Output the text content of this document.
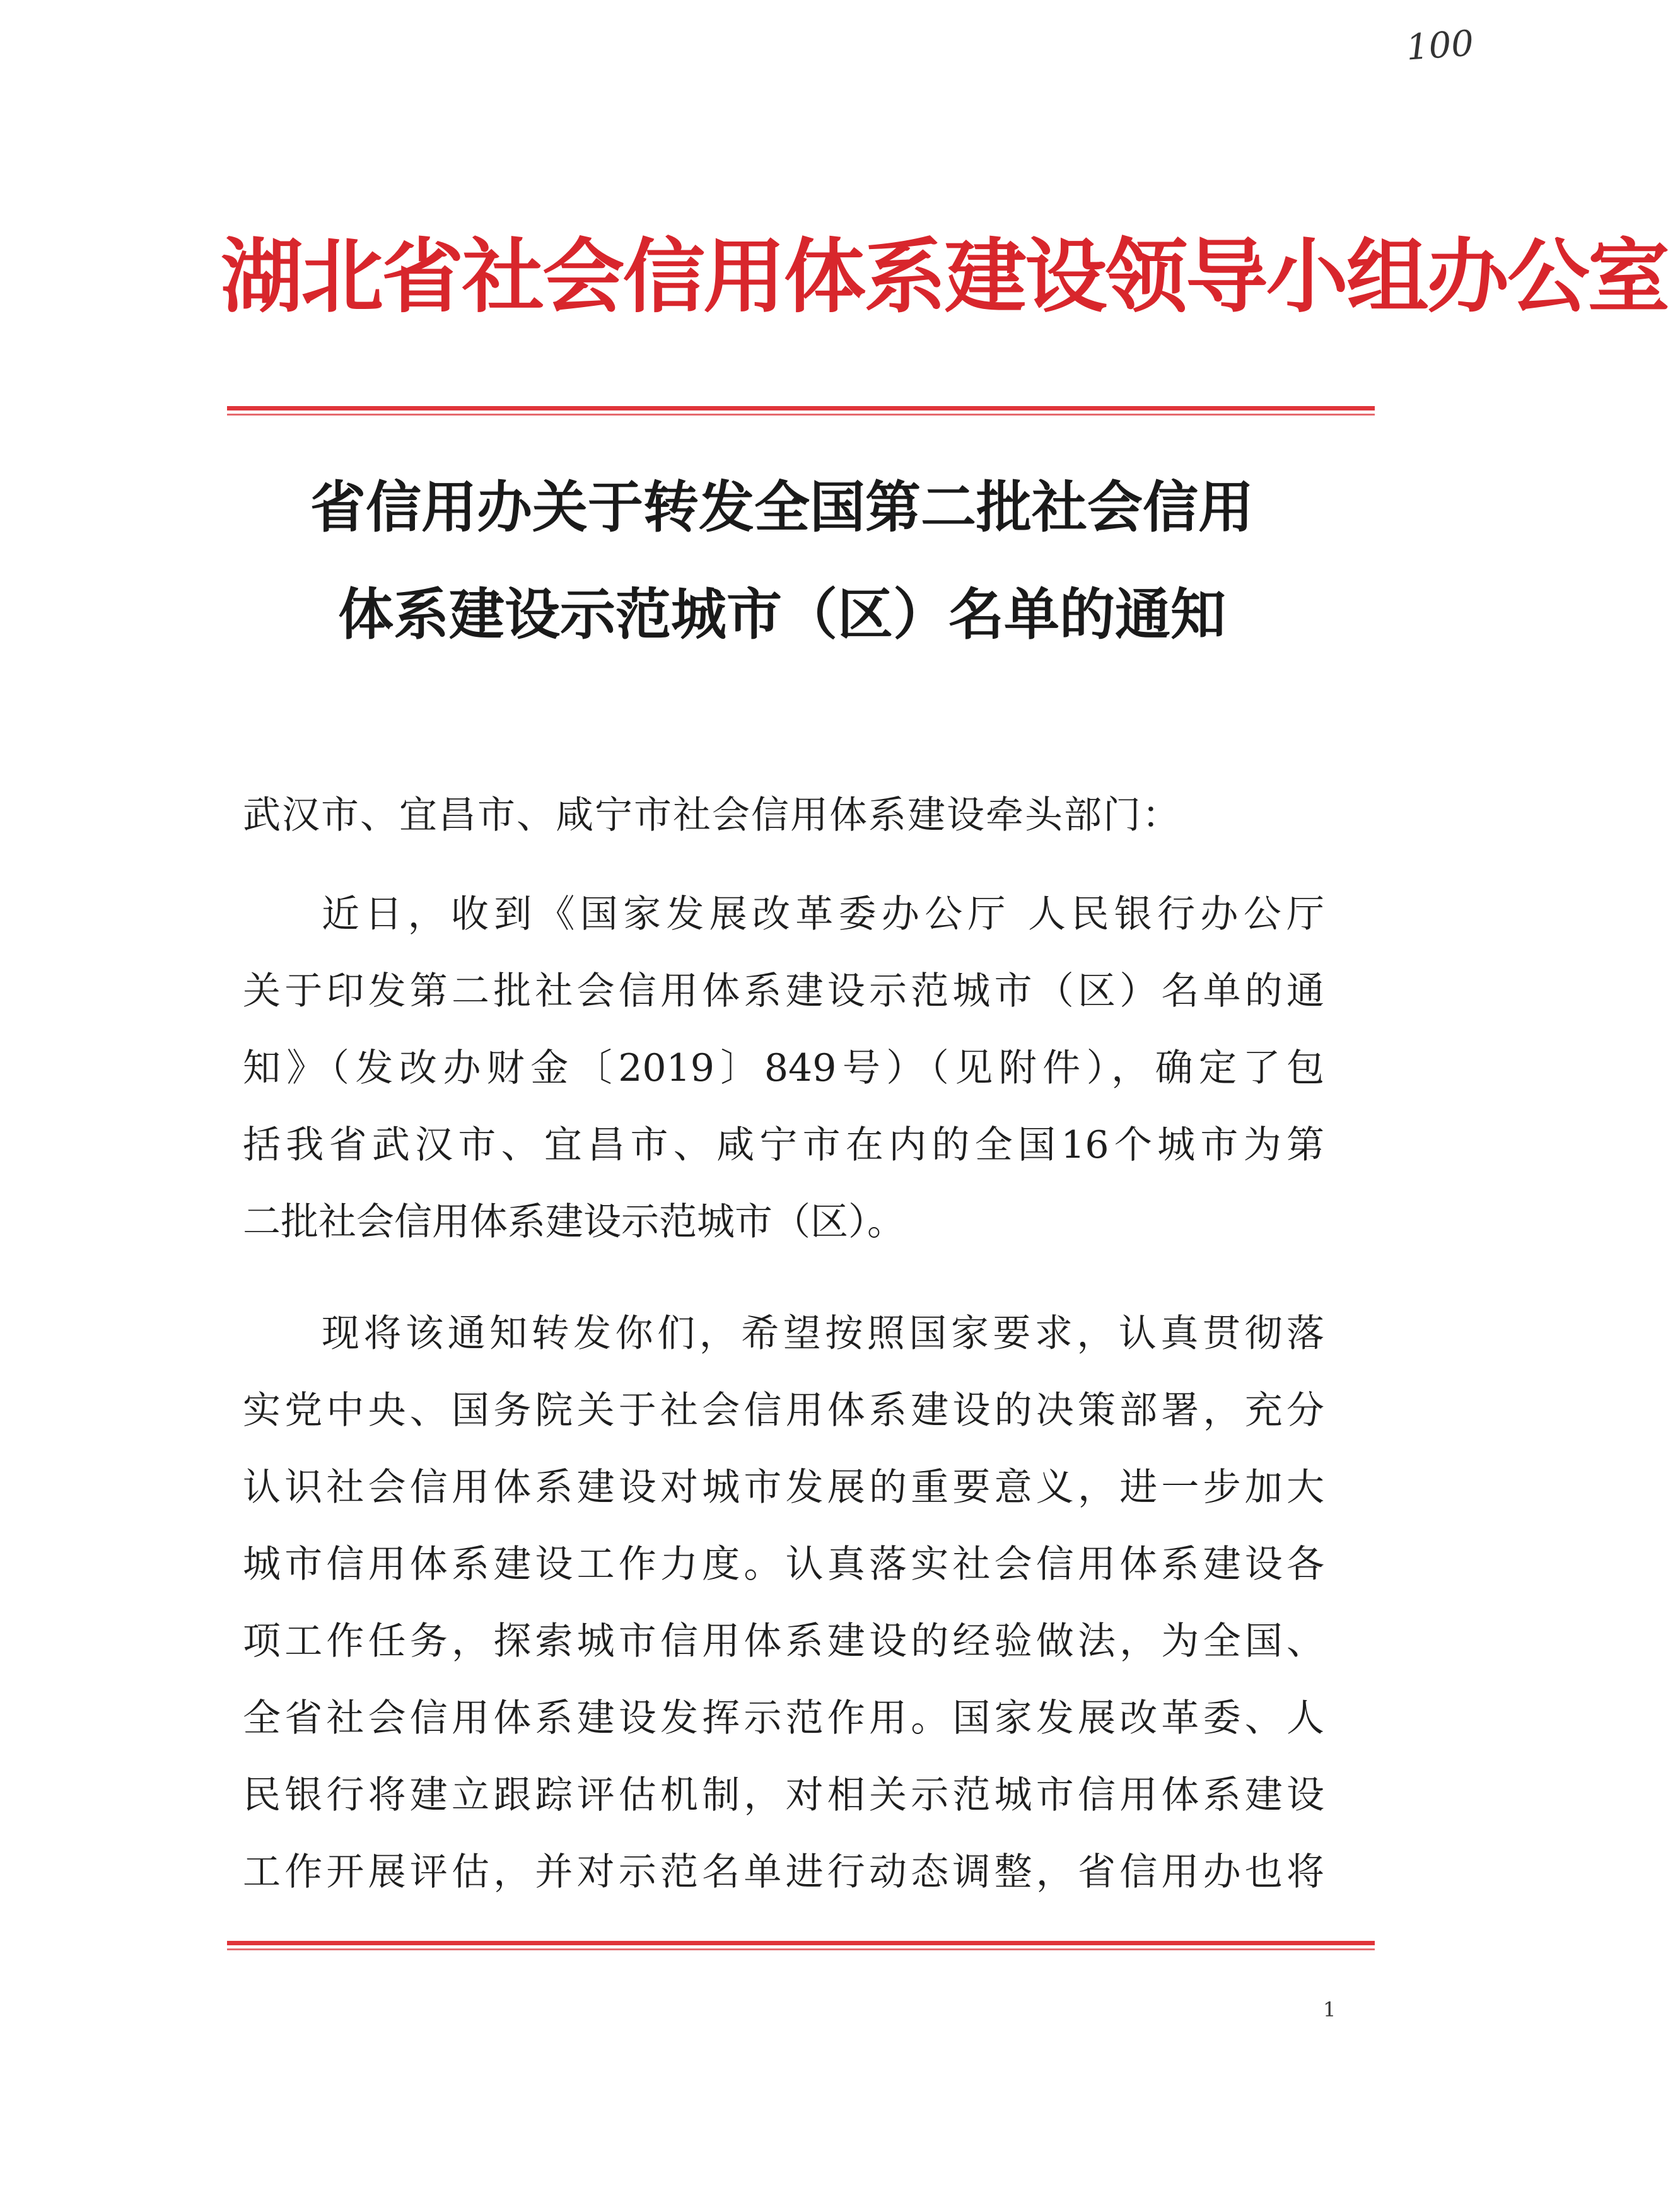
100
湖北省社会信用体系建设领导小组办公室
省信用办关于转发全国第二批社会信用
体系建设示范城市（区）名单的通知
武汉市、宜昌市、咸宁市社会信用体系建设牵头部门：
近日，收到《国家发展改革委办公厅 人民银行办公厅
关于印发第二批社会信用体系建设示范城市（区）名单的通
知》（发改办财金〔2019〕849号）（见附件），确定了包
括我省武汉市、宜昌市、咸宁市在内的全国16个城市为第
二批社会信用体系建设示范城市（区）。
现将该通知转发你们，希望按照国家要求，认真贯彻落
实党中央、国务院关于社会信用体系建设的决策部署，充分
认识社会信用体系建设对城市发展的重要意义，进一步加大
城市信用体系建设工作力度。认真落实社会信用体系建设各
项工作任务，探索城市信用体系建设的经验做法，为全国、
全省社会信用体系建设发挥示范作用。国家发展改革委、人
民银行将建立跟踪评估机制，对相关示范城市信用体系建设
工作开展评估，并对示范名单进行动态调整，省信用办也将
1
